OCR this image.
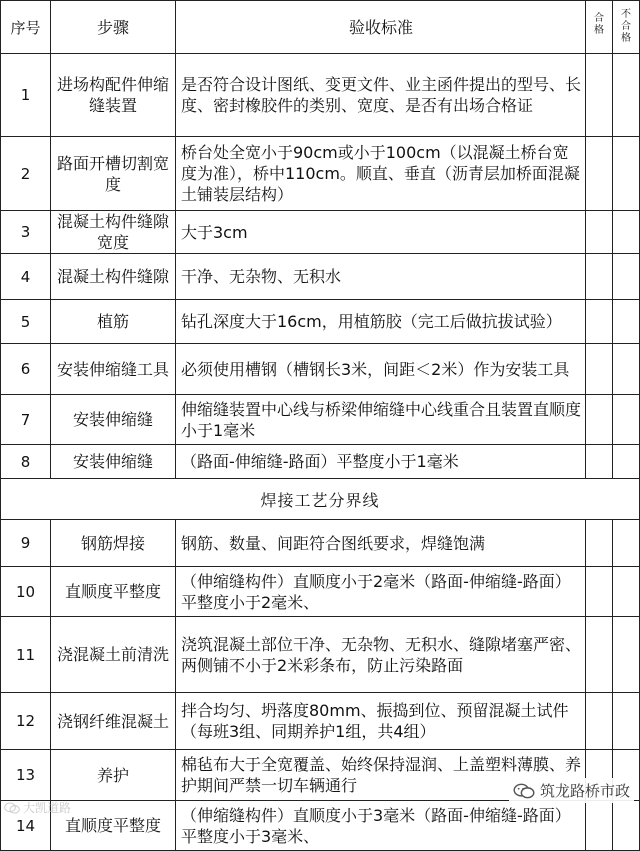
序号	步骤	验收标准	合格	不合格
1	进场构配件伸缩缝装置	是否符合设计图纸、变更文件、业主函件提出的型号、长度、密封橡胶件的类别、宽度、是否有出场合格证		
2	路面开槽切割宽度	桥台处全宽小于90cm或小于100cm（以混凝土桥台宽度为准），桥中110cm。顺直、垂直（沥青层加桥面混凝土铺装层结构）		
3	混凝土构件缝隙宽度	大于3cm		
4	混凝土构件缝隙	干净、无杂物、无积水		
5	植筋	钻孔深度大于16cm，用植筋胶（完工后做抗拔试验）		
6	安装伸缩缝工具	必须使用槽钢（槽钢长3米，间距＜2米）作为安装工具		
7	安装伸缩缝	伸缩缝装置中心线与桥梁伸缩缝中心线重合且装置直顺度小于1毫米		
8	安装伸缩缝	（路面-伸缩缝-路面）平整度小于1毫米		
焊接工艺分界线				
9	钢筋焊接	钢筋、数量、间距符合图纸要求，焊缝饱满		
10	直顺度平整度	（伸缩缝构件）直顺度小于2毫米（路面-伸缩缝-路面）平整度小于2毫米、		
11	浇混凝土前清洗	浇筑混凝土部位干净、无杂物、无积水、缝隙堵塞严密、两侧铺不小于2米彩条布，防止污染路面		
12	浇钢纤维混凝土	拌合均匀、坍落度80mm、振捣到位、预留混凝土试件（每班3组、同期养护1组，共4组）		
13	养护	棉毡布大于全宽覆盖、始终保持湿润、上盖塑料薄膜、养护期间严禁一切车辆通行		
14	直顺度平整度	（伸缩缝构件）直顺度小于3毫米（路面-伸缩缝-路面）平整度小于3毫米、		
大凯道路
筑龙路桥市政
